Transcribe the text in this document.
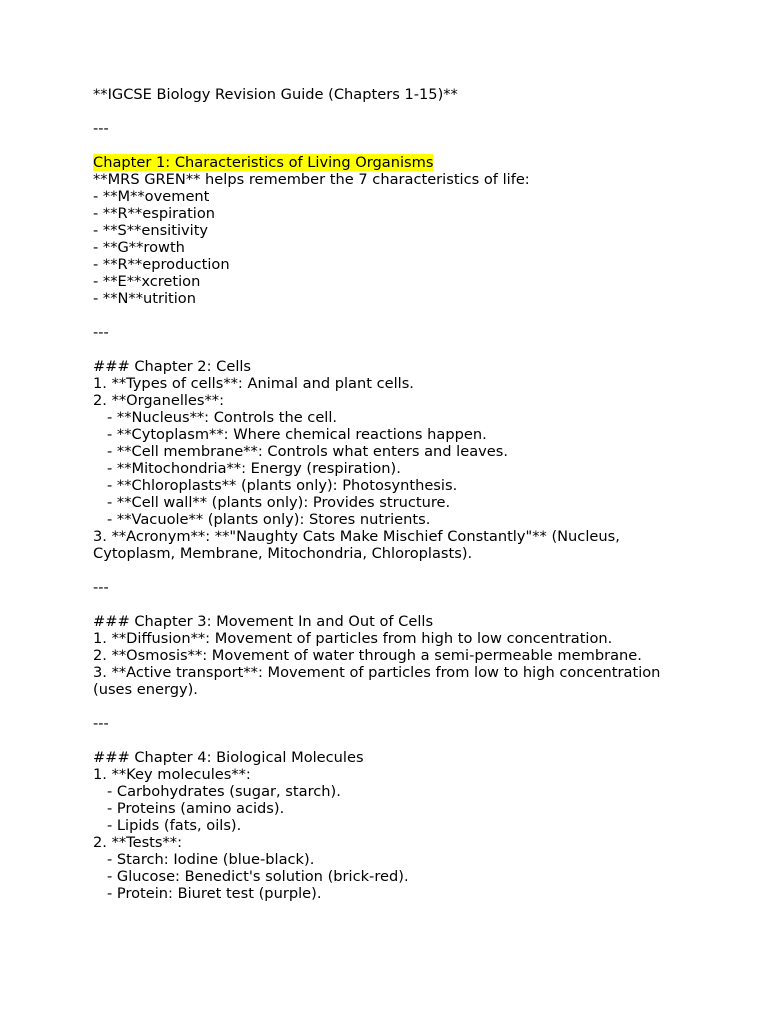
**IGCSE Biology Revision Guide (Chapters 1-15)**
---
Chapter 1: Characteristics of Living Organisms
**MRS GREN** helps remember the 7 characteristics of life:
- **M**ovement
- **R**espiration
- **S**ensitivity
- **G**rowth
- **R**eproduction
- **E**xcretion
- **N**utrition
---
### Chapter 2: Cells
1. **Types of cells**: Animal and plant cells.
2. **Organelles**:
- **Nucleus**: Controls the cell.
- **Cytoplasm**: Where chemical reactions happen.
- **Cell membrane**: Controls what enters and leaves.
- **Mitochondria**: Energy (respiration).
- **Chloroplasts** (plants only): Photosynthesis.
- **Cell wall** (plants only): Provides structure.
- **Vacuole** (plants only): Stores nutrients.
3. **Acronym**: **"Naughty Cats Make Mischief Constantly"** (Nucleus, Cytoplasm, Membrane, Mitochondria, Chloroplasts).
---
### Chapter 3: Movement In and Out of Cells
1. **Diffusion**: Movement of particles from high to low concentration.
2. **Osmosis**: Movement of water through a semi-permeable membrane.
3. **Active transport**: Movement of particles from low to high concentration (uses energy).
---
### Chapter 4: Biological Molecules
1. **Key molecules**:
- Carbohydrates (sugar, starch).
- Proteins (amino acids).
- Lipids (fats, oils).
2. **Tests**:
- Starch: Iodine (blue-black).
- Glucose: Benedict's solution (brick-red).
- Protein: Biuret test (purple).
